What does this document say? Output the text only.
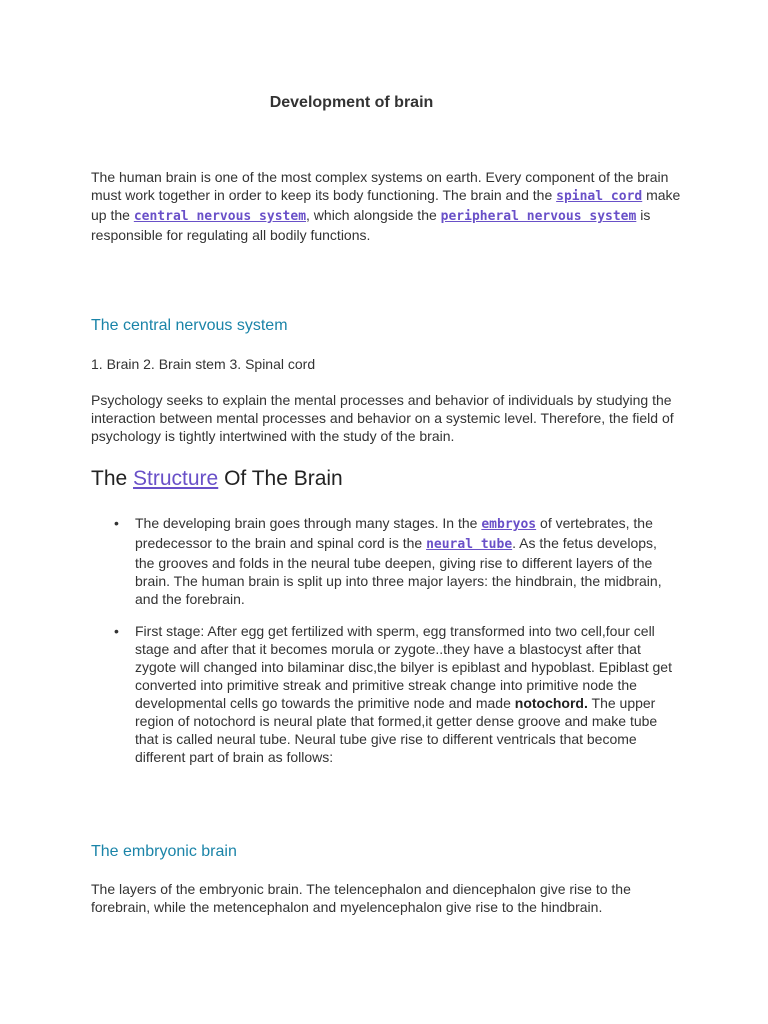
Development of brain
The human brain is one of the most complex systems on earth. Every component of the brain must work together in order to keep its body functioning. The brain and the spinal cord make up the central nervous system, which alongside the peripheral nervous system is responsible for regulating all bodily functions.
The central nervous system
1. Brain 2. Brain stem 3. Spinal cord
Psychology seeks to explain the mental processes and behavior of individuals by studying the interaction between mental processes and behavior on a systemic level. Therefore, the field of psychology is tightly intertwined with the study of the brain.
The Structure Of The Brain
• The developing brain goes through many stages. In the embryos of vertebrates, the predecessor to the brain and spinal cord is the neural tube. As the fetus develops, the grooves and folds in the neural tube deepen, giving rise to different layers of the brain. The human brain is split up into three major layers: the hindbrain, the midbrain, and the forebrain.
• First stage: After egg get fertilized with sperm, egg transformed into two cell,four cell stage and after that it becomes morula or zygote..they have a blastocyst after that zygote will changed into bilaminar disc,the bilyer is epiblast and hypoblast. Epiblast get converted into primitive streak and primitive streak change into primitive node the developmental cells go towards the primitive node and made notochord. The upper region of notochord is neural plate that formed,it getter dense groove and make tube that is called neural tube. Neural tube give rise to different ventricals that become different part of brain as follows:
The embryonic brain
The layers of the embryonic brain. The telencephalon and diencephalon give rise to the forebrain, while the metencephalon and myelencephalon give rise to the hindbrain.
